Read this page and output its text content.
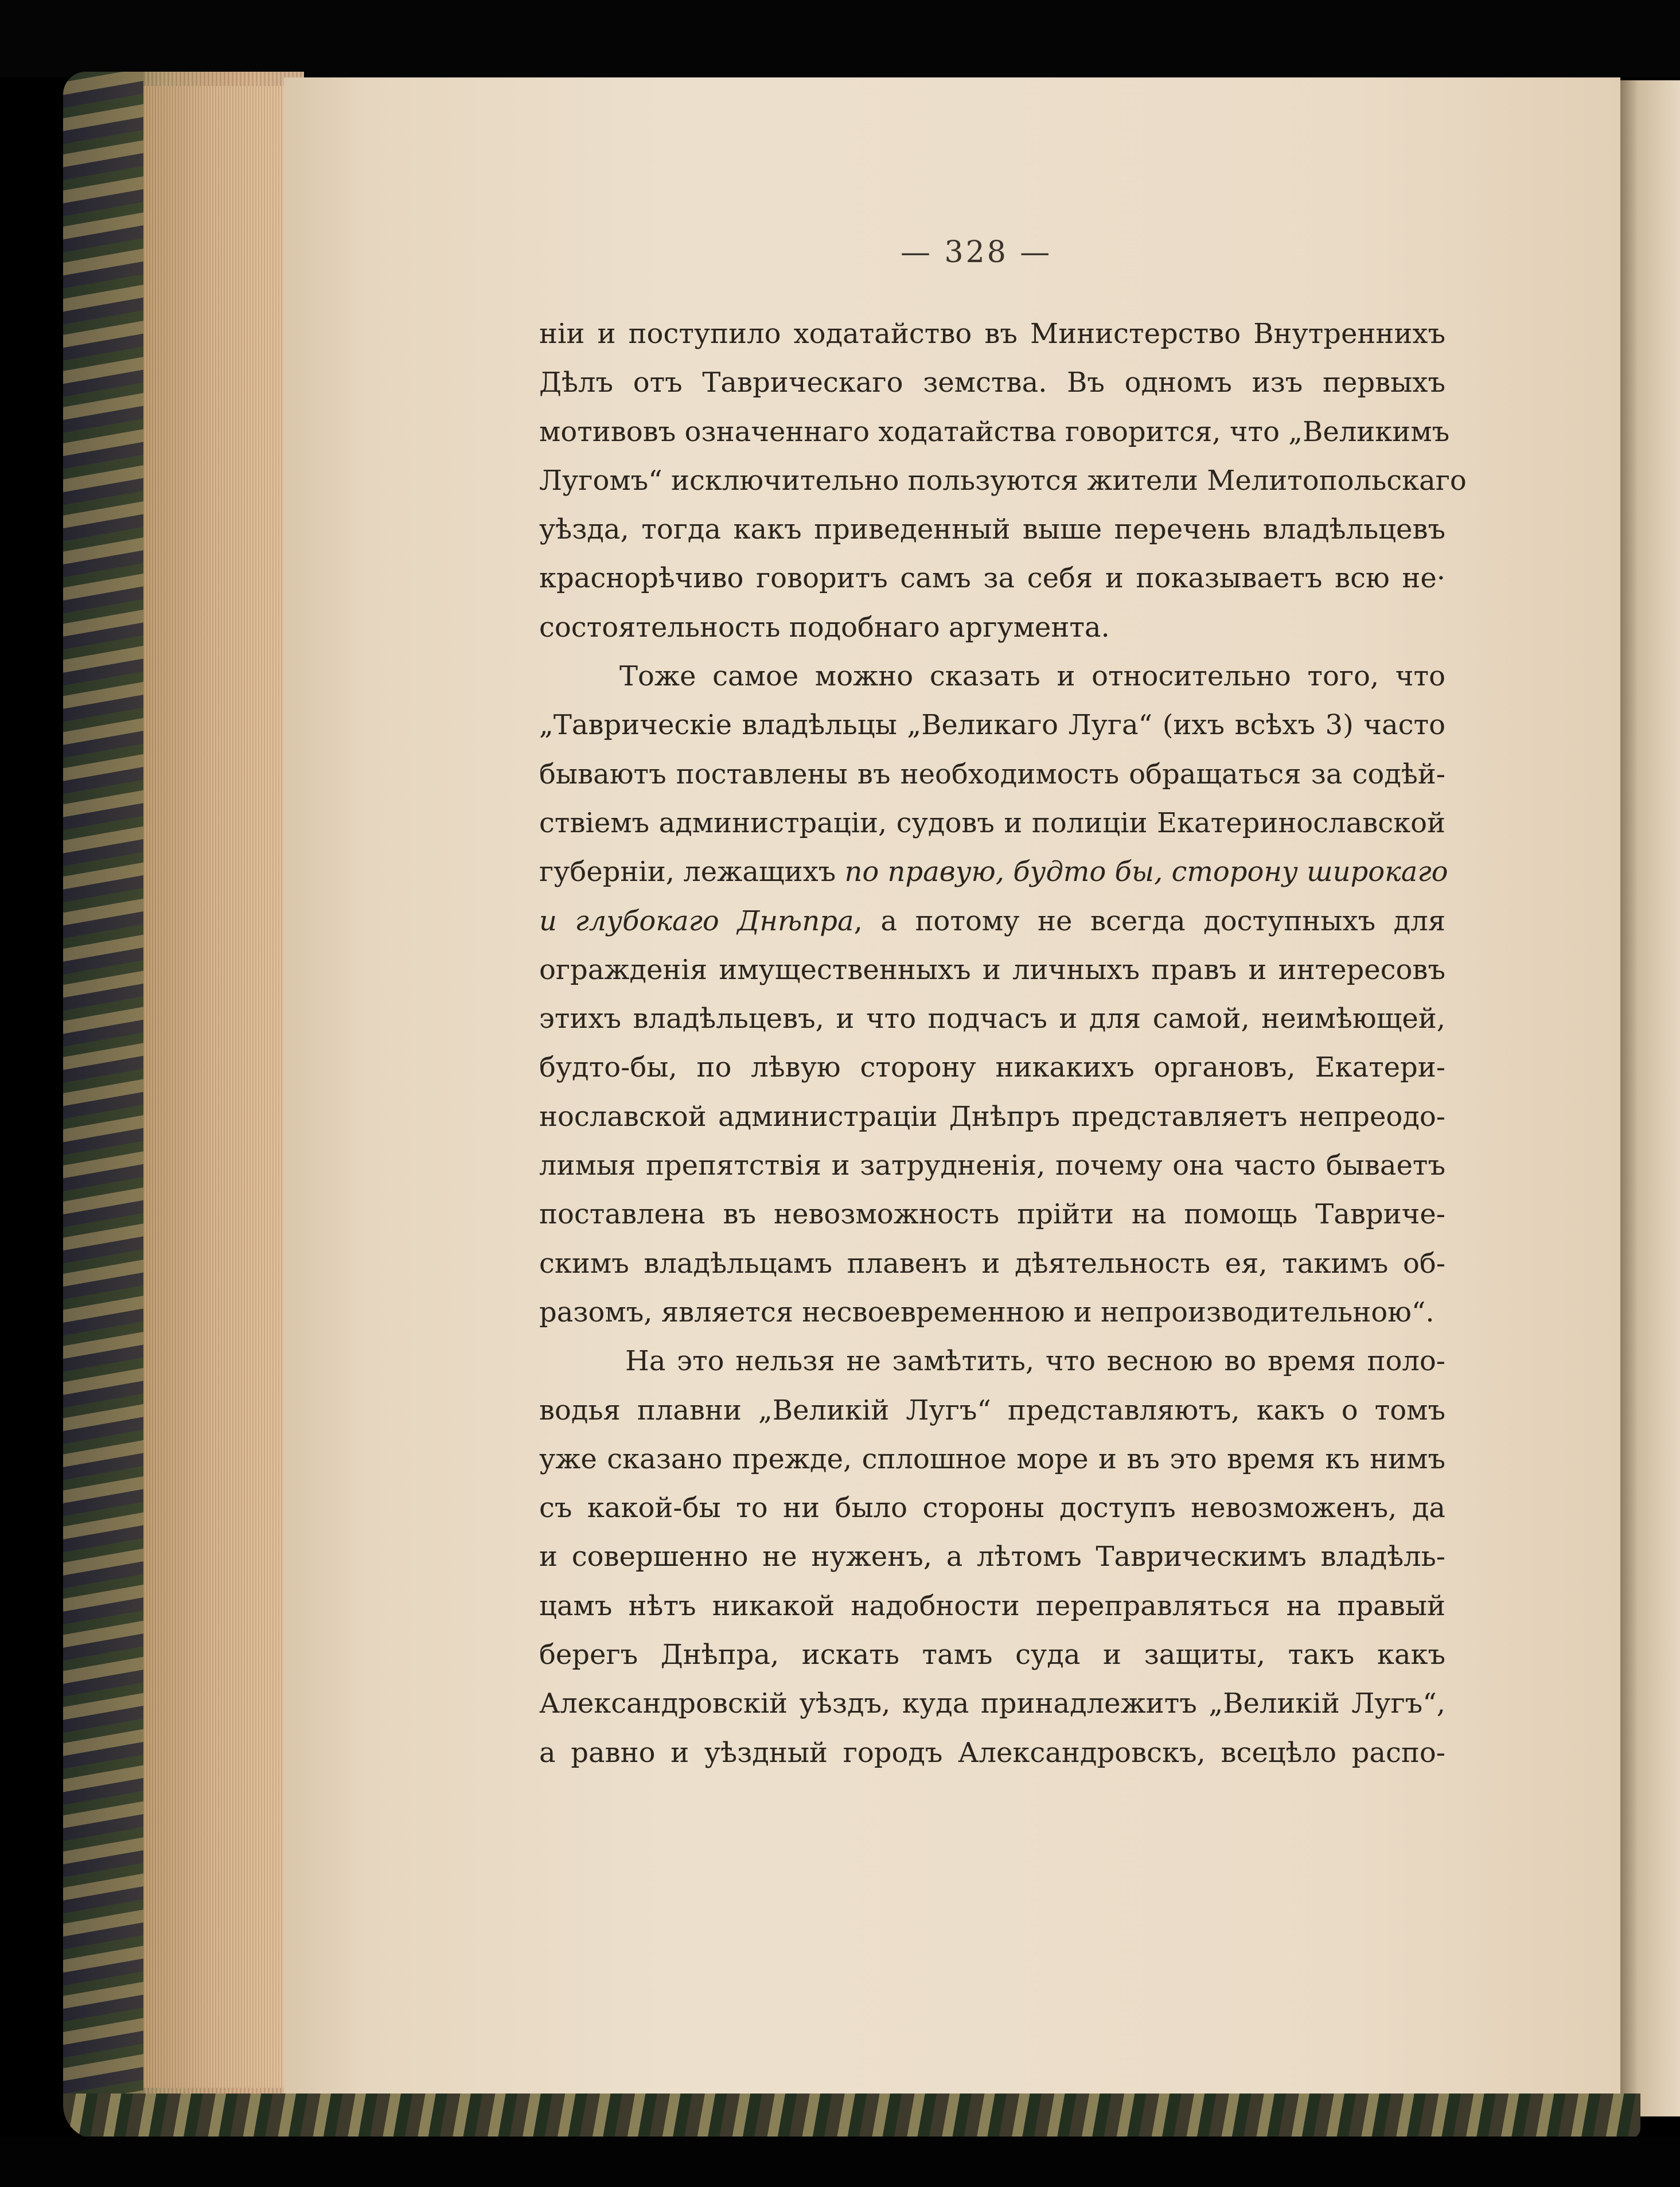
— 328 —
ніи и поступило ходатайство въ Министерство Внутреннихъ
Дѣлъ отъ Таврическаго земства. Въ одномъ изъ первыхъ
мотивовъ означеннаго ходатайства говорится, что „Великимъ
Лугомъ“ исключительно пользуются жители Мелитопольскаго
уѣзда, тогда какъ приведенный выше перечень владѣльцевъ
краснорѣчиво говоритъ самъ за себя и показываетъ всю не·
состоятельность подобнаго аргумента.
Тоже самое можно сказать и относительно того, что
„Таврическіе владѣльцы „Великаго Луга“ (ихъ всѣхъ 3) часто
бываютъ поставлены въ необходимость обращаться за содѣй-
ствіемъ администраціи, судовъ и полиціи Екатеринославской
губерніи, лежащихъ по правую, будто бы, сторону широкаго
и глубокаго Днѣпра, а потому не всегда доступныхъ для
огражденія имущественныхъ и личныхъ правъ и интересовъ
этихъ владѣльцевъ, и что подчасъ и для самой, неимѣющей,
будто-бы, по лѣвую сторону никакихъ органовъ, Екатери-
нославской администраціи Днѣпръ представляетъ непреодо-
лимыя препятствія и затрудненія, почему она часто бываетъ
поставлена въ невозможность прійти на помощь Тавриче-
скимъ владѣльцамъ плавенъ и дѣятельность ея, такимъ об-
разомъ, является несвоевременною и непроизводительною“.
На это нельзя не замѣтить, что весною во время поло-
водья плавни „Великій Лугъ“ представляютъ, какъ о томъ
уже сказано прежде, сплошное море и въ это время къ нимъ
съ какой-бы то ни было стороны доступъ невозможенъ, да
и совершенно не нуженъ, а лѣтомъ Таврическимъ владѣль-
цамъ нѣтъ никакой надобности переправляться на правый
берегъ Днѣпра, искать тамъ суда и защиты, такъ какъ
Александровскій уѣздъ, куда принадлежитъ „Великій Лугъ“,
а равно и уѣздный городъ Александровскъ, всецѣло распо-
